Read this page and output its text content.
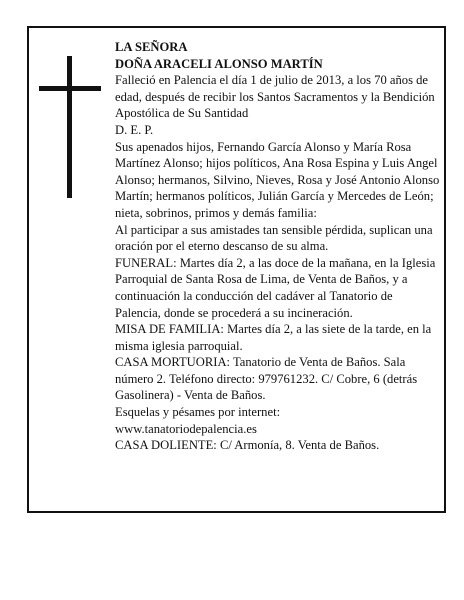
LA SEÑORA

DOÑA ARACELI ALONSO MARTÍN

Falleció en Palencia el día 1 de julio de 2013, a los 70 años de edad, después de recibir los Santos Sacramentos y la Bendición Apostólica de Su Santidad

D. E. P.

Sus apenados hijos, Fernando García Alonso y María Rosa Martínez Alonso; hijos políticos, Ana Rosa Espina y Luis Angel Alonso; hermanos, Silvino, Nieves, Rosa y José Antonio Alonso Martín; hermanos políticos, Julián García y Mercedes de León; nieta, sobrinos, primos y demás familia:

Al participar a sus amistades tan sensible pérdida, suplican una oración por el eterno descanso de su alma.

FUNERAL: Martes día 2, a las doce de la mañana, en la Iglesia Parroquial de Santa Rosa de Lima, de Venta de Baños, y a continuación la conducción del cadáver al Tanatorio de Palencia, donde se procederá a su incineración.

MISA DE FAMILIA: Martes día 2, a las siete de la tarde, en la misma iglesia parroquial.

CASA MORTUORIA: Tanatorio de Venta de Baños. Sala número 2. Teléfono directo: 979761232. C/ Cobre, 6 (detrás Gasolinera) - Venta de Baños.

Esquelas y pésames por internet:

www.tanatoriodepalencia.es

CASA DOLIENTE: C/ Armonía, 8. Venta de Baños.
